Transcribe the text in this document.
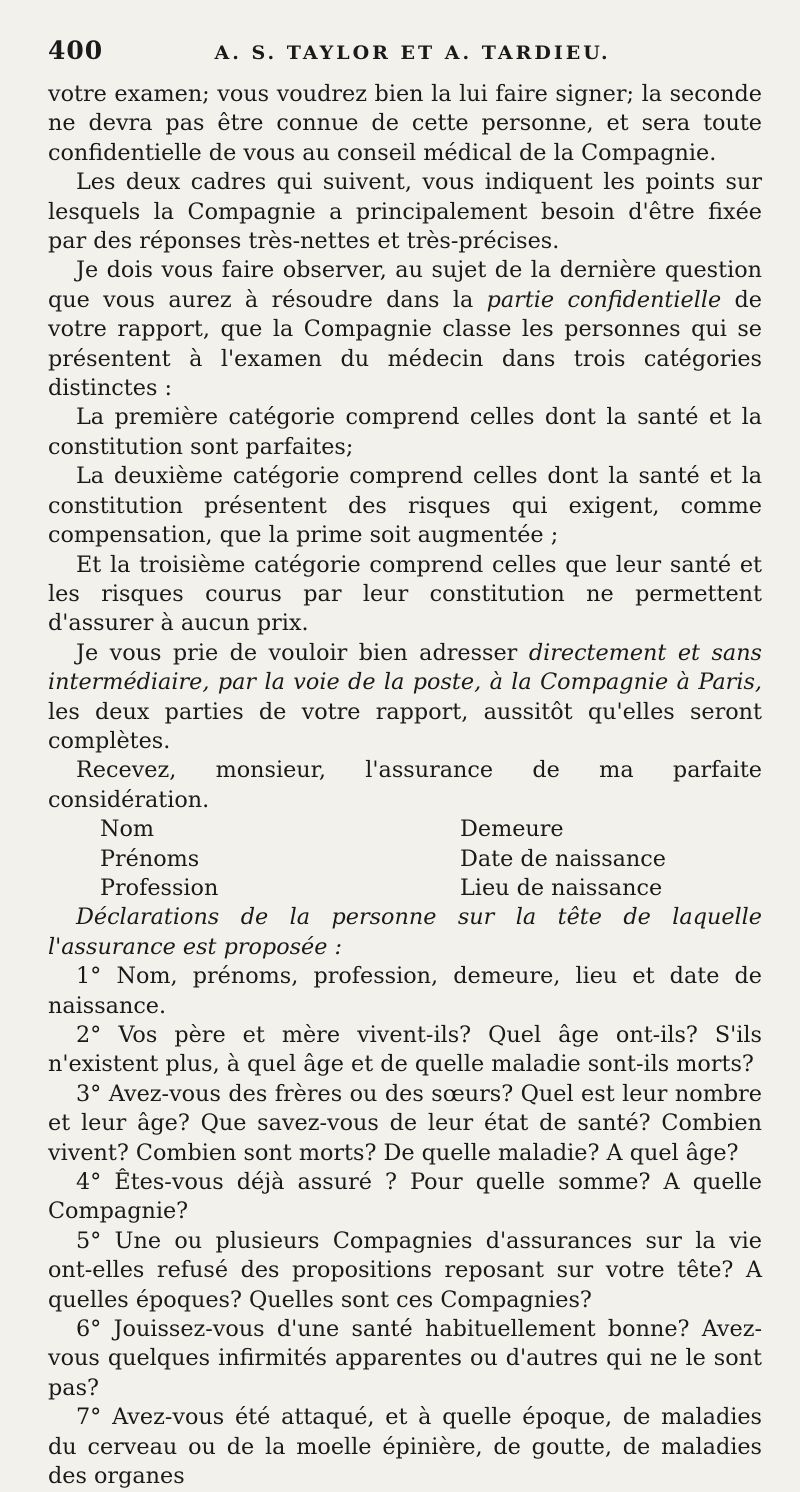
400	A. S. TAYLOR ET A. TARDIEU.

votre examen; vous voudrez bien la lui faire signer; la seconde ne devra pas être connue de cette personne, et sera toute confidentielle de vous au conseil médical de la Compagnie.

Les deux cadres qui suivent, vous indiquent les points sur lesquels la Compagnie a principalement besoin d'être fixée par des réponses très-nettes et très-précises.

Je dois vous faire observer, au sujet de la dernière question que vous aurez à résoudre dans la partie confidentielle de votre rapport, que la Compagnie classe les personnes qui se présentent à l'examen du médecin dans trois catégories distinctes :

La première catégorie comprend celles dont la santé et la constitution sont parfaites;

La deuxième catégorie comprend celles dont la santé et la constitution présentent des risques qui exigent, comme compensation, que la prime soit augmentée ;

Et la troisième catégorie comprend celles que leur santé et les risques courus par leur constitution ne permettent d'assurer à aucun prix.

Je vous prie de vouloir bien adresser directement et sans intermédiaire, par la voie de la poste, à la Compagnie à Paris, les deux parties de votre rapport, aussitôt qu'elles seront complètes.

Recevez, monsieur, l'assurance de ma parfaite considération.

Nom	Demeure
Prénoms	Date de naissance
Profession	Lieu de naissance

Déclarations de la personne sur la tête de laquelle l'assurance est proposée :

1° Nom, prénoms, profession, demeure, lieu et date de naissance.

2° Vos père et mère vivent-ils? Quel âge ont-ils? S'ils n'existent plus, à quel âge et de quelle maladie sont-ils morts?

3° Avez-vous des frères ou des sœurs? Quel est leur nombre et leur âge? Que savez-vous de leur état de santé? Combien vivent? Combien sont morts? De quelle maladie? A quel âge?

4° Êtes-vous déjà assuré ? Pour quelle somme? A quelle Compagnie?

5° Une ou plusieurs Compagnies d'assurances sur la vie ont-elles refusé des propositions reposant sur votre tête? A quelles époques? Quelles sont ces Compagnies?

6° Jouissez-vous d'une santé habituellement bonne? Avez-vous quelques infirmités apparentes ou d'autres qui ne le sont pas?

7° Avez-vous été attaqué, et à quelle époque, de maladies du cerveau ou de la moelle épinière, de goutte, de maladies des organes
